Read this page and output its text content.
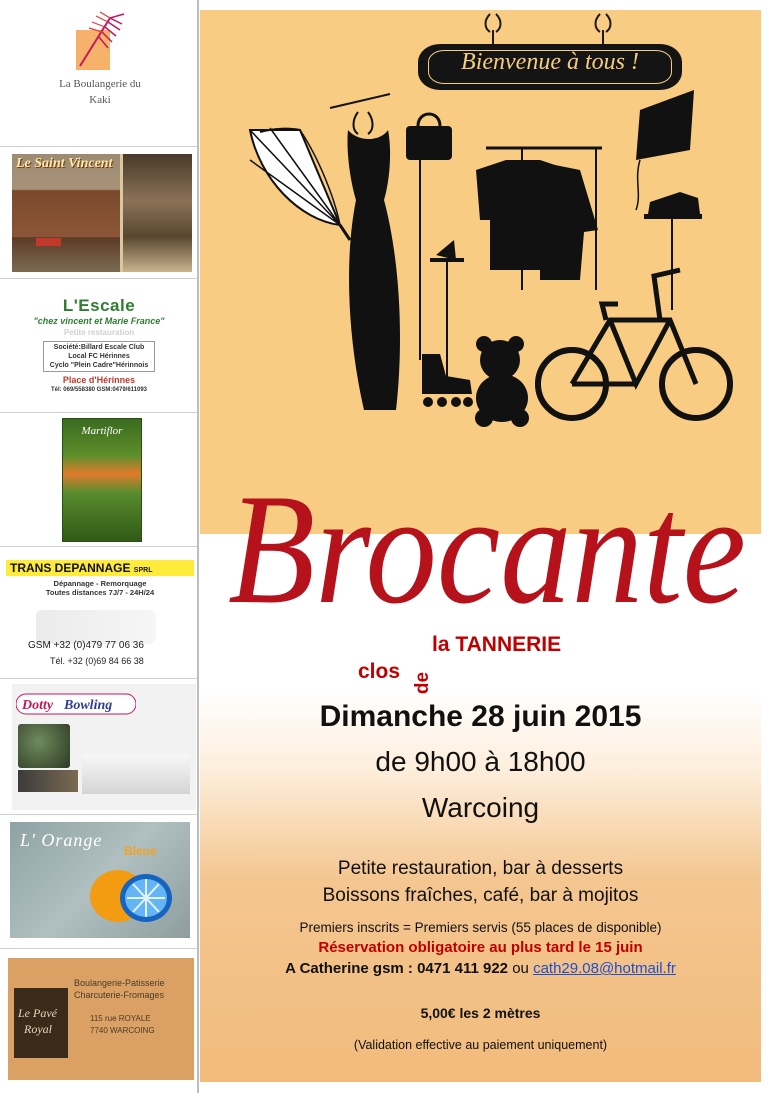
La Boulangerie du
Kaki

Le Saint Vincent

L'Escale
"chez vincent et Marie France"
Petite restauration
Société:Billard Escale Club
Local FC Hérinnes
Cyclo "Plein Cadre"Hérinnois
Place d'Hérinnes
Tél: 069/558380 GSM:0479/611093
Martiflor
TRANS DEPANNAGE SPRL
Dépannage - Remorquage
Toutes distances 7J/7 - 24H/24
GSM +32 (0)479 77 06 36
Tél. +32 (0)69 84 66 38
Dotty Bowling
L' Orange
Bleue
Le Pavé
Royal
Boulangerie-Patisserie
Charcuterie-Fromages
115 rue ROYALE
7740 WARCOING
Bienvenue à tous !
Brocante
la TANNERIE
clos de
Dimanche 28 juin 2015
de 9h00 à 18h00
Warcoing
Petite restauration, bar à desserts
Boissons fraîches, café, bar à mojitos
Premiers inscrits = Premiers servis (55 places de disponible)
Réservation obligatoire au plus tard le 15 juin
A Catherine gsm : 0471 411 922 ou cath29.08@hotmail.fr
5,00€ les 2 mètres
(Validation effective au paiement uniquement)
